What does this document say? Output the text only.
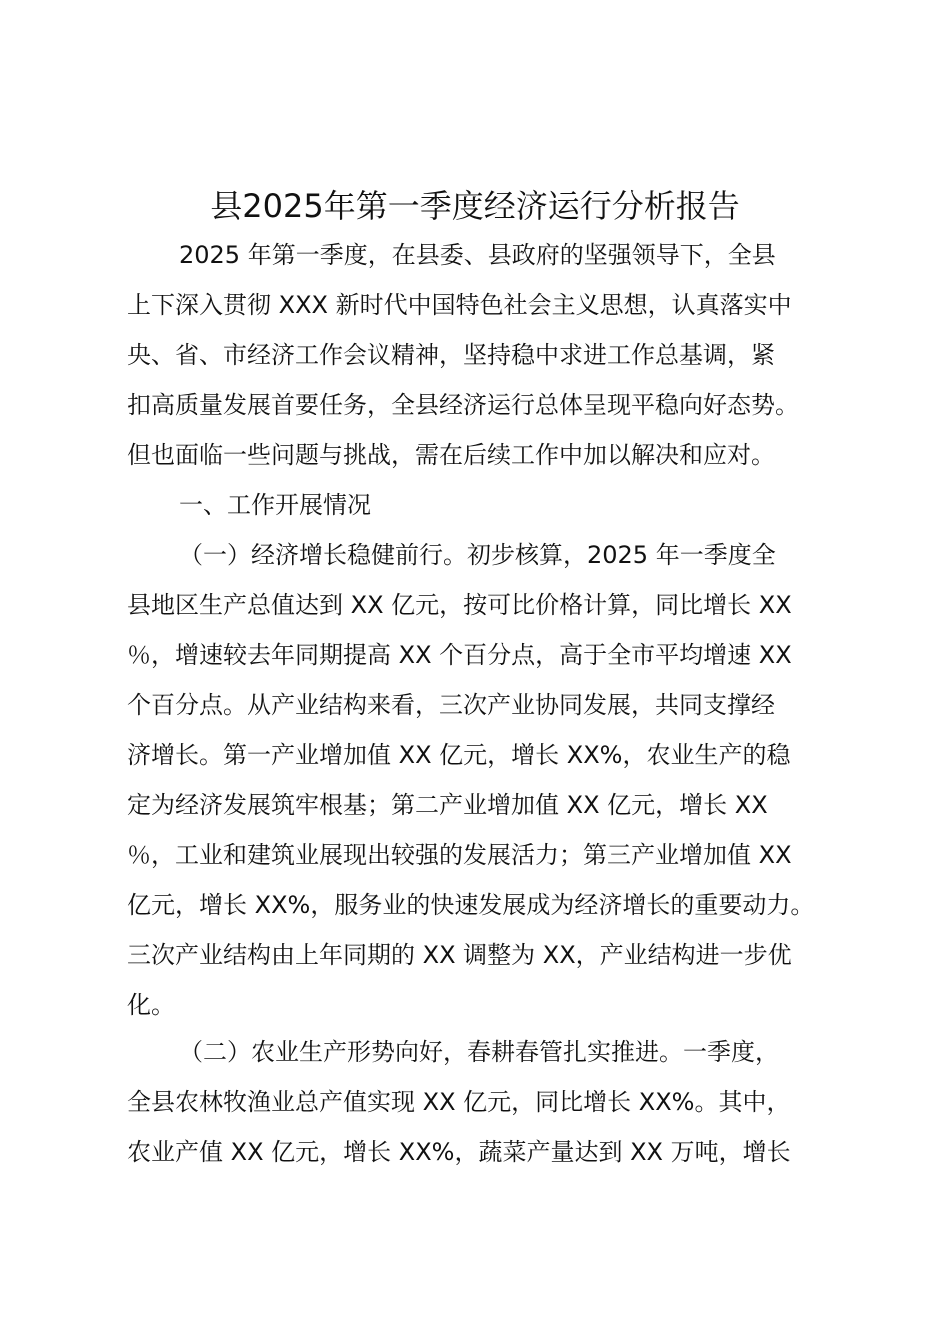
县2025年第一季度经济运行分析报告
2025 年第一季度，在县委、县政府的坚强领导下，全县
上下深入贯彻 XXX 新时代中国特色社会主义思想，认真落实中
央、省、市经济工作会议精神，坚持稳中求进工作总基调，紧
扣高质量发展首要任务，全县经济运行总体呈现平稳向好态势。
但也面临一些问题与挑战，需在后续工作中加以解决和应对。
一、工作开展情况
（一）经济增长稳健前行。初步核算，2025 年一季度全
县地区生产总值达到 XX 亿元，按可比价格计算，同比增长 XX
％，增速较去年同期提高 XX 个百分点，高于全市平均增速 XX
个百分点。从产业结构来看，三次产业协同发展，共同支撑经
济增长。第一产业增加值 XX 亿元，增长 XX%，农业生产的稳
定为经济发展筑牢根基；第二产业增加值 XX 亿元，增长 XX
％，工业和建筑业展现出较强的发展活力；第三产业增加值 XX
亿元，增长 XX%，服务业的快速发展成为经济增长的重要动力。
三次产业结构由上年同期的 XX 调整为 XX，产业结构进一步优
化。
（二）农业生产形势向好，春耕春管扎实推进。一季度，
全县农林牧渔业总产值实现 XX 亿元，同比增长 XX%。其中，
农业产值 XX 亿元，增长 XX%，蔬菜产量达到 XX 万吨，增长
